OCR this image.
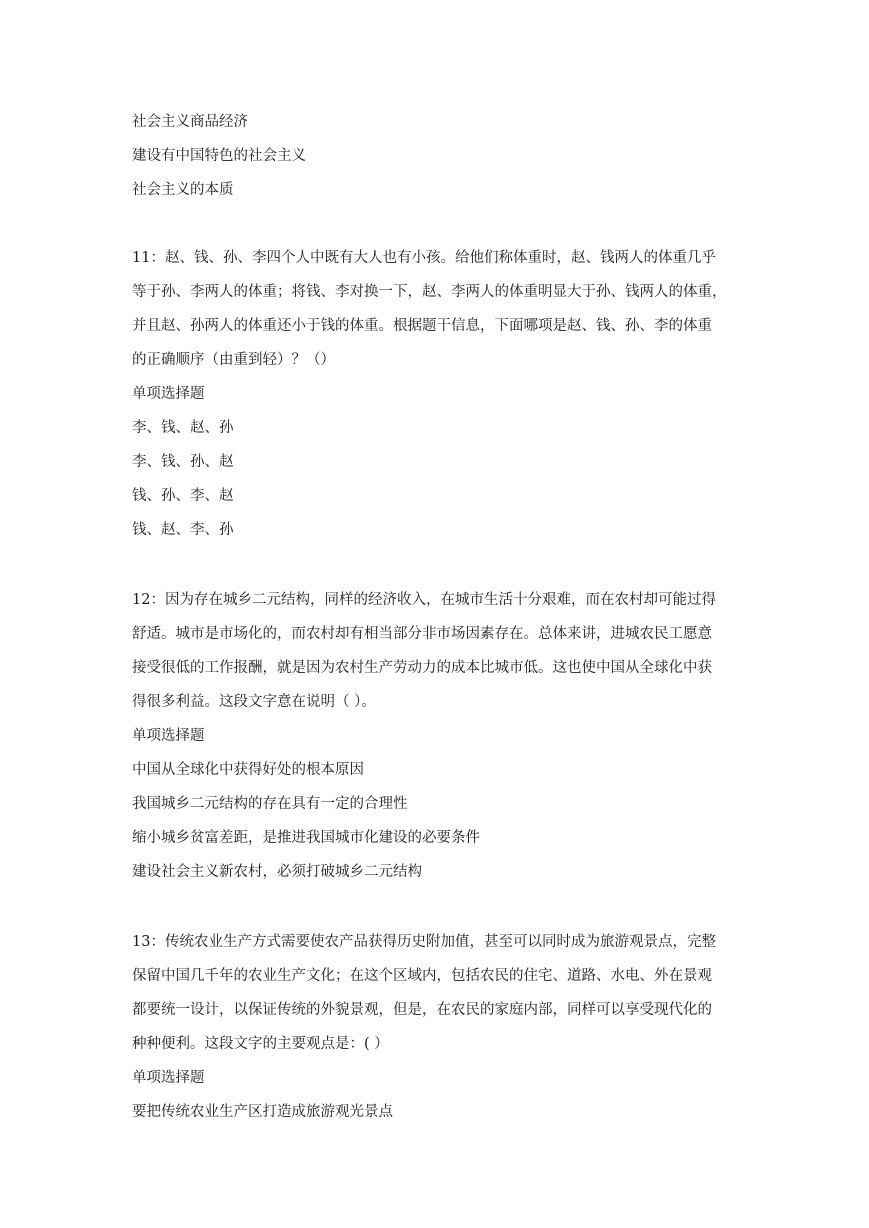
社会主义商品经济
建设有中国特色的社会主义
社会主义的本质
11：赵、钱、孙、李四个人中既有大人也有小孩。给他们称体重时，赵、钱两人的体重几乎
等于孙、李两人的体重；将钱、李对换一下，赵、李两人的体重明显大于孙、钱两人的体重，
并且赵、孙两人的体重还小于钱的体重。根据题干信息，下面哪项是赵、钱、孙、李的体重
的正确顺序（由重到轻）？（）
单项选择题
李、钱、赵、孙
李、钱、孙、赵
钱、孙、李、赵
钱、赵、李、孙
12：因为存在城乡二元结构，同样的经济收入，在城市生活十分艰难，而在农村却可能过得
舒适。城市是市场化的，而农村却有相当部分非市场因素存在。总体来讲，进城农民工愿意
接受很低的工作报酬，就是因为农村生产劳动力的成本比城市低。这也使中国从全球化中获
得很多利益。这段文字意在说明（ ）。
单项选择题
中国从全球化中获得好处的根本原因
我国城乡二元结构的存在具有一定的合理性
缩小城乡贫富差距，是推进我国城市化建设的必要条件
建设社会主义新农村，必须打破城乡二元结构
13：传统农业生产方式需要使农产品获得历史附加值，甚至可以同时成为旅游观景点，完整
保留中国几千年的农业生产文化；在这个区域内，包括农民的住宅、道路、水电、外在景观
都要统一设计，以保证传统的外貌景观，但是，在农民的家庭内部，同样可以享受现代化的
种种便利。这段文字的主要观点是：( ）
单项选择题
要把传统农业生产区打造成旅游观光景点
